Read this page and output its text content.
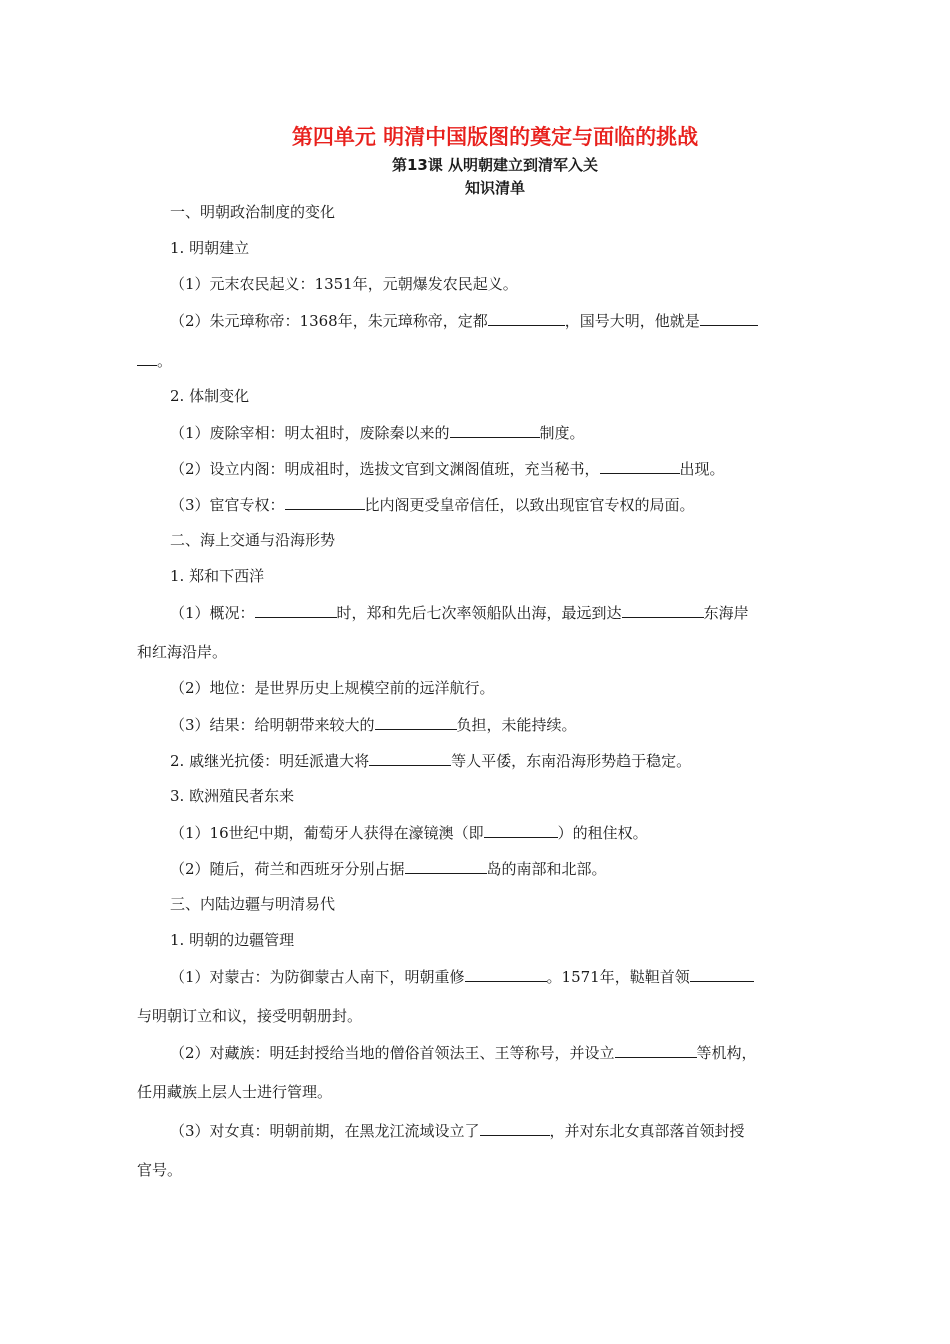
第四单元 明清中国版图的奠定与面临的挑战
第13课 从明朝建立到清军入关
知识清单
一、明朝政治制度的变化
1. 明朝建立
（1）元末农民起义：1351年，元朝爆发农民起义。
（2）朱元璋称帝：1368年，朱元璋称帝，定都	，国号大明，他就是
。
2. 体制变化
（1）废除宰相：明太祖时，废除秦以来的	制度。
（2）设立内阁：明成祖时，选拔文官到文渊阁值班，充当秘书，	出现。
（3）宦官专权：	比内阁更受皇帝信任，以致出现宦官专权的局面。
二、海上交通与沿海形势
1. 郑和下西洋
（1）概况：	时，郑和先后七次率领船队出海，最远到达	东海岸
和红海沿岸。
（2）地位：是世界历史上规模空前的远洋航行。
（3）结果：给明朝带来较大的	负担，未能持续。
2. 戚继光抗倭：明廷派遣大将	等人平倭，东南沿海形势趋于稳定。
3. 欧洲殖民者东来
（1）16世纪中期，葡萄牙人获得在濠镜澳（即	）的租住权。
（2）随后，荷兰和西班牙分别占据	岛的南部和北部。
三、内陆边疆与明清易代
1. 明朝的边疆管理
（1）对蒙古：为防御蒙古人南下，明朝重修	。1571年，鞑靼首领
与明朝订立和议，接受明朝册封。
（2）对藏族：明廷封授给当地的僧俗首领法王、王等称号，并设立	等机构，
任用藏族上层人士进行管理。
（3）对女真：明朝前期，在黑龙江流域设立了	，并对东北女真部落首领封授
官号。
